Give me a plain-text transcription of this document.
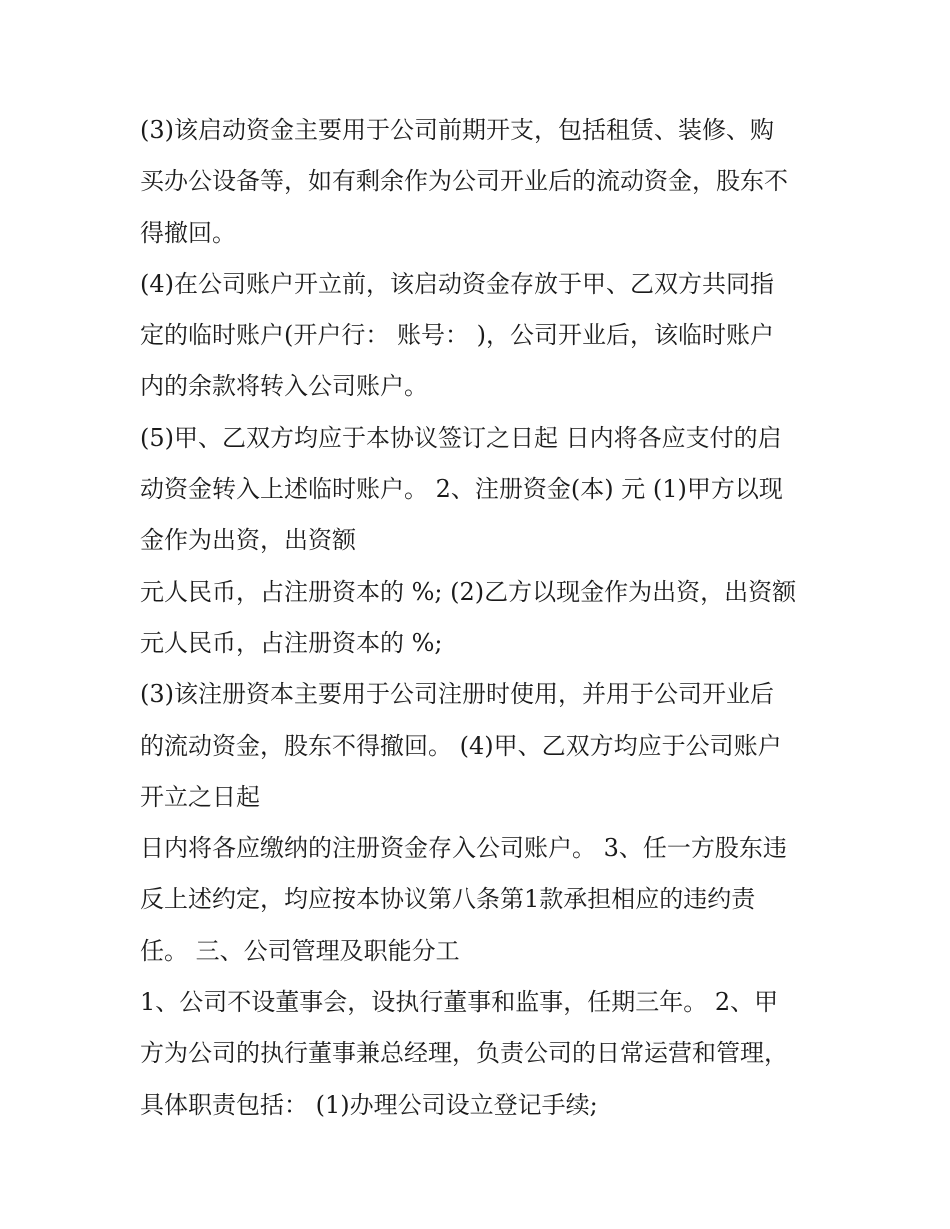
(3)该启动资金主要用于公司前期开支，包括租赁、装修、购
买办公设备等，如有剩余作为公司开业后的流动资金，股东不
得撤回。
(4)在公司账户开立前，该启动资金存放于甲、乙双方共同指
定的临时账户(开户行： 账号： )，公司开业后，该临时账户
内的余款将转入公司账户。
(5)甲、乙双方均应于本协议签订之日起 日内将各应支付的启
动资金转入上述临时账户。 2、注册资金(本) 元 (1)甲方以现
金作为出资，出资额
元人民币，占注册资本的 %; (2)乙方以现金作为出资，出资额
元人民币，占注册资本的 %;
(3)该注册资本主要用于公司注册时使用，并用于公司开业后
的流动资金，股东不得撤回。 (4)甲、乙双方均应于公司账户
开立之日起
日内将各应缴纳的注册资金存入公司账户。 3、任一方股东违
反上述约定，均应按本协议第八条第1款承担相应的违约责
任。 三、公司管理及职能分工
1、公司不设董事会，设执行董事和监事，任期三年。 2、甲
方为公司的执行董事兼总经理，负责公司的日常运营和管理，
具体职责包括： (1)办理公司设立登记手续;
